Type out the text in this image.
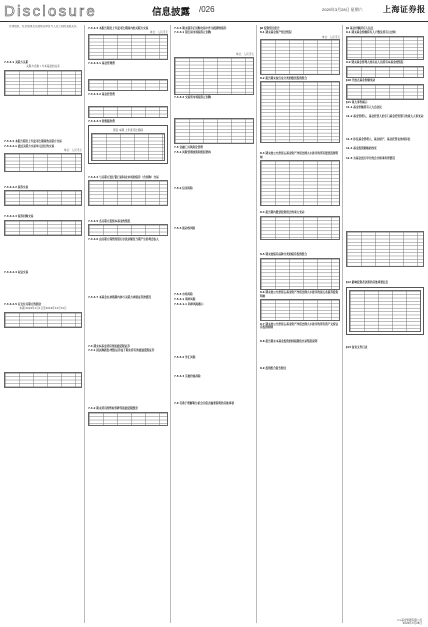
Disclosure	信息披露 /026	2020年3月28日 星期六	上海证券报

自律组织、社会团体及其他相关单位与人员之间的关联关系。

7.3.4.1 关联方关系
关联方名称 / 与本基金的关系

7.3.4.2 本报告期及上年度可比期间的关联方交易
7.3.4.2.1 通过关联方交易单元进行的交易
单位：人民币元

7.3.4.2.2 债券交易

7.3.4.2.3 债券回购交易

7.3.4.2.4 权证交易

7.3.4.2.5 应支付关联方的佣金
本期 2019年1月1日至2019年12月31日

7.3.4.3 本报告期及上年度可比期间内的关联方交易
单位：人民币元
7.3.4.3.1 基金管理费

7.3.4.3.2 基金托管费

7.3.4.3.3 销售服务费
项目 本期 上年度可比期间

7.3.4.4 与关联方进行银行间同业市场的债券（含回购）交易

7.3.4.5 各关联方投资本基金的情况
7.3.4.6 由关联方保管的银行存款余额及当期产生的利息收入

7.3.4.7 本基金在承销期内参与关联方承销证券的情况

7.4 期末本基金持有的流通受限证券
7.4.1 因认购新发/增发证券而于期末持有的流通受限证券

7.4.2 期末持有的暂时停牌等流通受限股票
7.4.3 期末债券正回购交易中作为抵押的债券
7.4.3.1 银行间市场债券正回购

单位：人民币元
7.4.3.2 交易所市场债券正回购

7.5 金融工具风险及管理
7.5.1 风险管理政策和组织架构

7.5.2 信用风险

7.5.3 流动性风险

7.5.4 市场风险
7.5.4.1 利率风险
7.5.4.1.1 利率风险敞口

7.5.4.2 外汇风险

7.5.4.3 其他价格风险

7.6 有助于理解和分析会计报表需要说明的其他事项
§8 投资组合报告
8.1 期末基金资产组合情况
单位：人民币元
8.2 报告期末按行业分类的股票投资组合

8.3 期末按公允价值占基金资产净值比例大小排序的所有股票投资明细

8.4 报告期内股票投资组合的重大变动

8.5 期末按债券品种分类的债券投资组合
8.6 期末按公允价值占基金资产净值比例大小排序的前五名债券投资明细
8.7 期末按公允价值占基金资产净值比例大小排序的所有资产支持证券投资明细

8.8 报告期末本基金投资的国债期货交易情况说明

8.9 投资组合报告附注

§9 基金份额持有人信息
9.1 期末基金份额持有人户数及持有人结构
9.2 期末基金管理人的从业人员持有本基金的情况
§10 开放式基金份额变动
§11 重大事件揭示
11.1 基金份额持有人大会决议

11.2 基金管理人、基金托管人的专门基金托管部门的重大人事变动

11.3 涉及基金管理人、基金财产、基金托管业务的诉讼

11.4 基金投资策略的改变

11.5 为基金进行审计的会计师事务所情况

§12 影响投资者决策的其他重要信息

§13 备查文件目录

××基金管理有限公司
2020年3月28日
